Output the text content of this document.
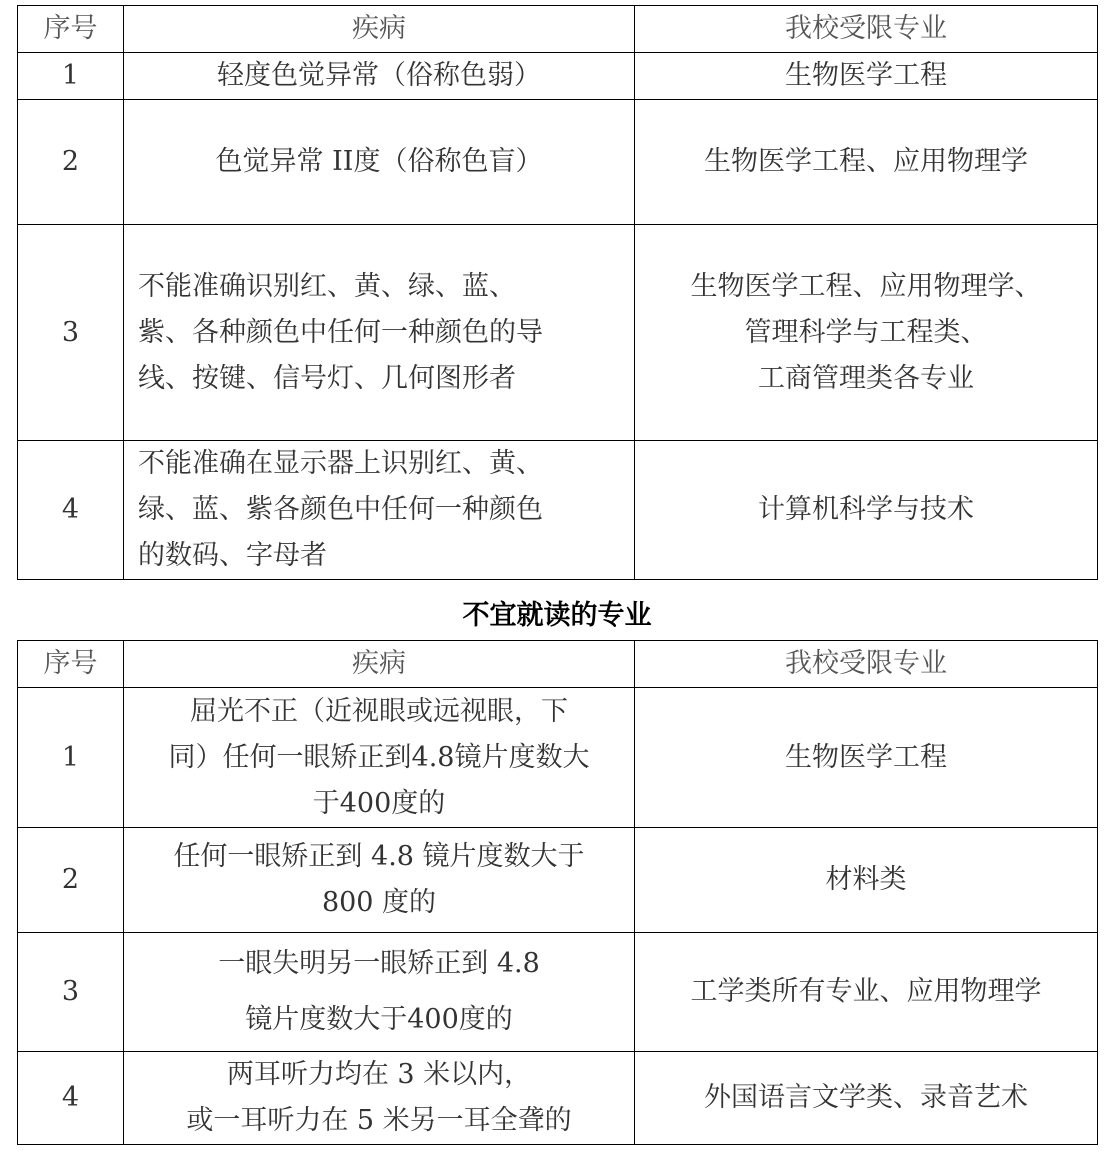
序号	疾病	我校受限专业
1	轻度色觉异常（俗称色弱）	生物医学工程

2	色觉异常 II度（俗称色盲）	生物医学工程、应用物理学

3	不能准确识别红、黄、绿、蓝、
紫、各种颜色中任何一种颜色的导
线、按键、信号灯、几何图形者	生物医学工程、应用物理学、
管理科学与工程类、
工商管理类各专业

4	不能准确在显示器上识别红、黄、
绿、蓝、紫各颜色中任何一种颜色
的数码、字母者	计算机科学与技术
不宜就读的专业
序号	疾病	我校受限专业
1	屈光不正（近视眼或远视眼，下
同）任何一眼矫正到4.8镜片度数大
于400度的	生物医学工程

2	任何一眼矫正到 4.8 镜片度数大于
800 度的	材料类

3	一眼失明另一眼矫正到 4.8
镜片度数大于400度的	工学类所有专业、应用物理学

4	两耳听力均在 3 米以内，
或一耳听力在 5 米另一耳全聋的	外国语言文学类、录音艺术
